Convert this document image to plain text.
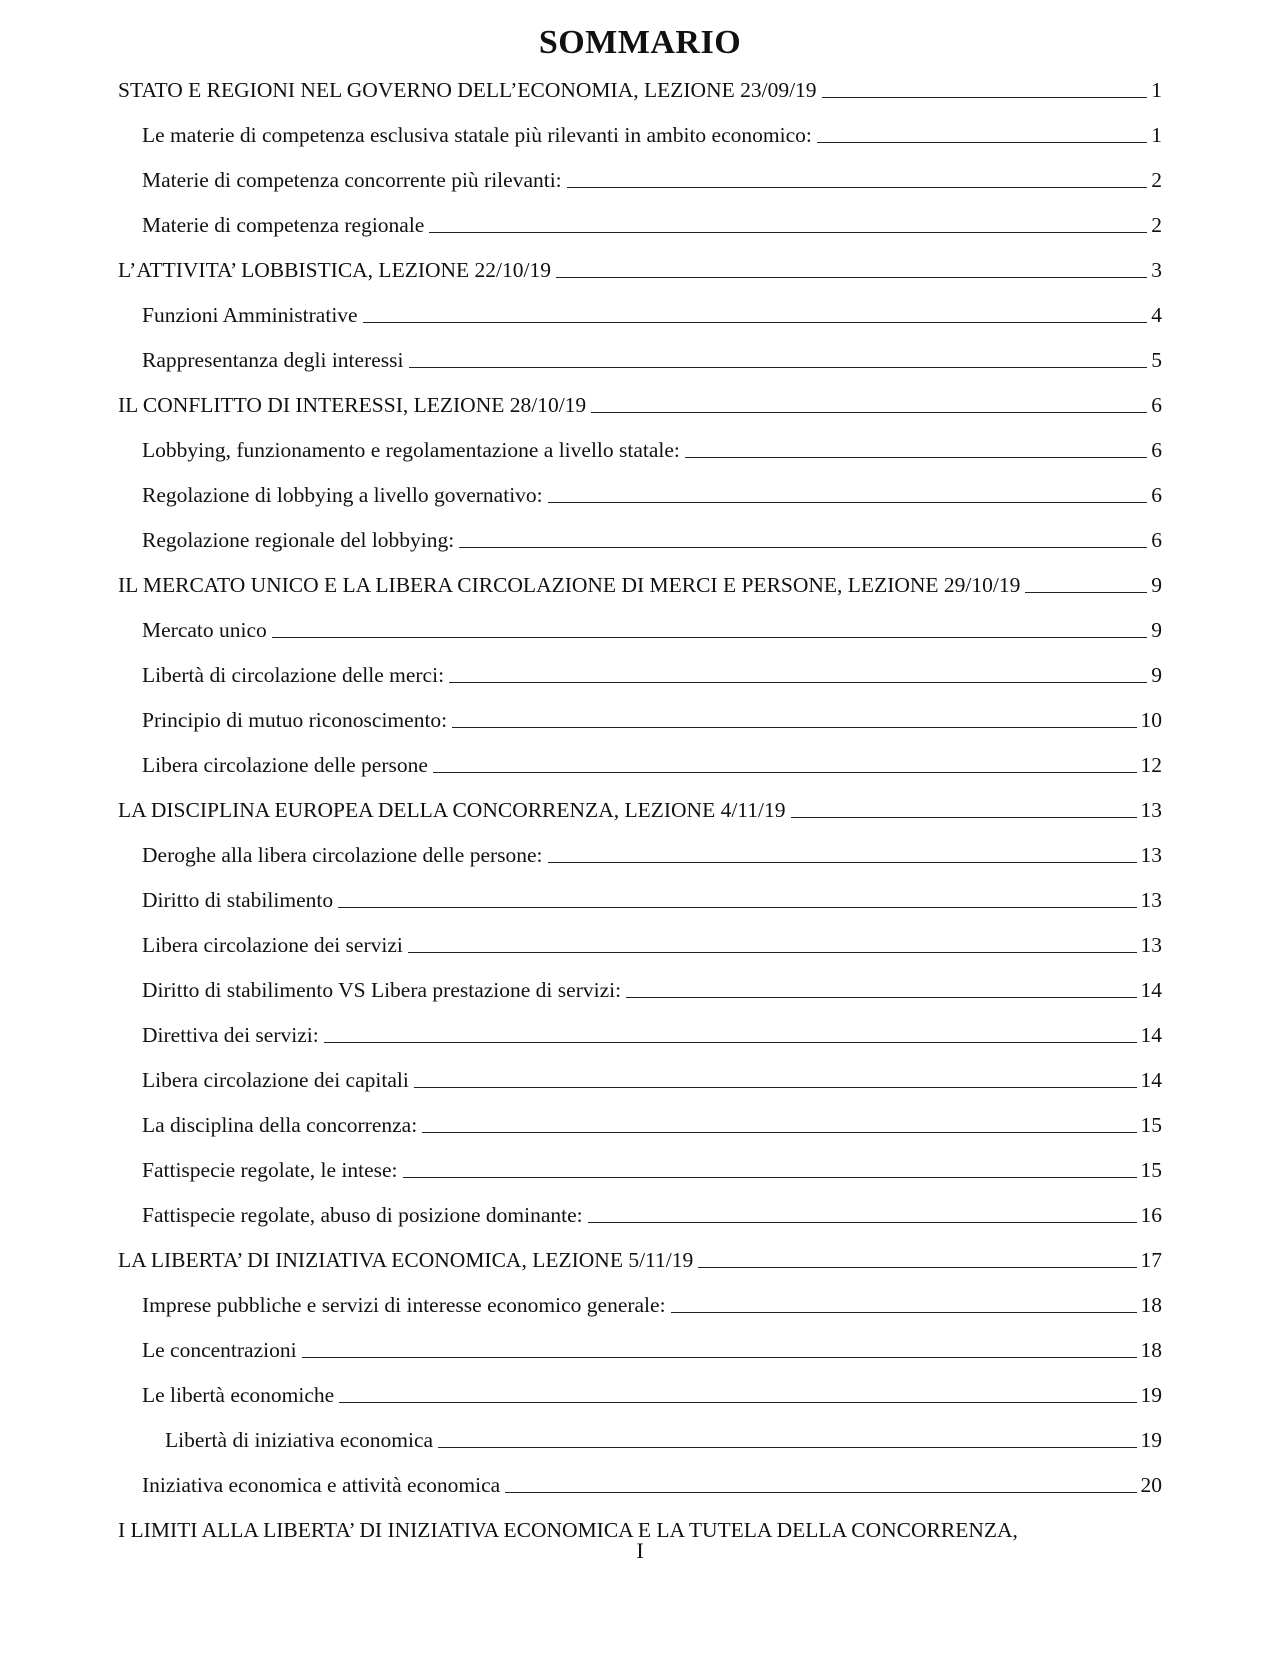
SOMMARIO
STATO E REGIONI NEL GOVERNO DELL’ECONOMIA, LEZIONE 23/09/19	1
Le materie di competenza esclusiva statale più rilevanti in ambito economico:	1
Materie di competenza concorrente più rilevanti:	2
Materie di competenza regionale	2
L’ATTIVITA’ LOBBISTICA, LEZIONE 22/10/19	3
Funzioni Amministrative	4
Rappresentanza degli interessi	5
IL CONFLITTO DI INTERESSI, LEZIONE 28/10/19	6
Lobbying, funzionamento e regolamentazione a livello statale:	6
Regolazione di lobbying a livello governativo:	6
Regolazione regionale del lobbying:	6
IL MERCATO UNICO E LA LIBERA CIRCOLAZIONE DI MERCI E PERSONE, LEZIONE 29/10/19	9
Mercato unico	9
Libertà di circolazione delle merci:	9
Principio di mutuo riconoscimento:	10
Libera circolazione delle persone	12
LA DISCIPLINA EUROPEA DELLA CONCORRENZA, LEZIONE 4/11/19	13
Deroghe alla libera circolazione delle persone:	13
Diritto di stabilimento	13
Libera circolazione dei servizi	13
Diritto di stabilimento VS Libera prestazione di servizi:	14
Direttiva dei servizi:	14
Libera circolazione dei capitali	14
La disciplina della concorrenza:	15
Fattispecie regolate, le intese:	15
Fattispecie regolate, abuso di posizione dominante:	16
LA LIBERTA’ DI INIZIATIVA ECONOMICA, LEZIONE 5/11/19	17
Imprese pubbliche e servizi di interesse economico generale:	18
Le concentrazioni	18
Le libertà economiche	19
Libertà di iniziativa economica	19
Iniziativa economica e attività economica	20
I LIMITI ALLA LIBERTA’ DI INIZIATIVA ECONOMICA E LA TUTELA DELLA CONCORRENZA,
I
